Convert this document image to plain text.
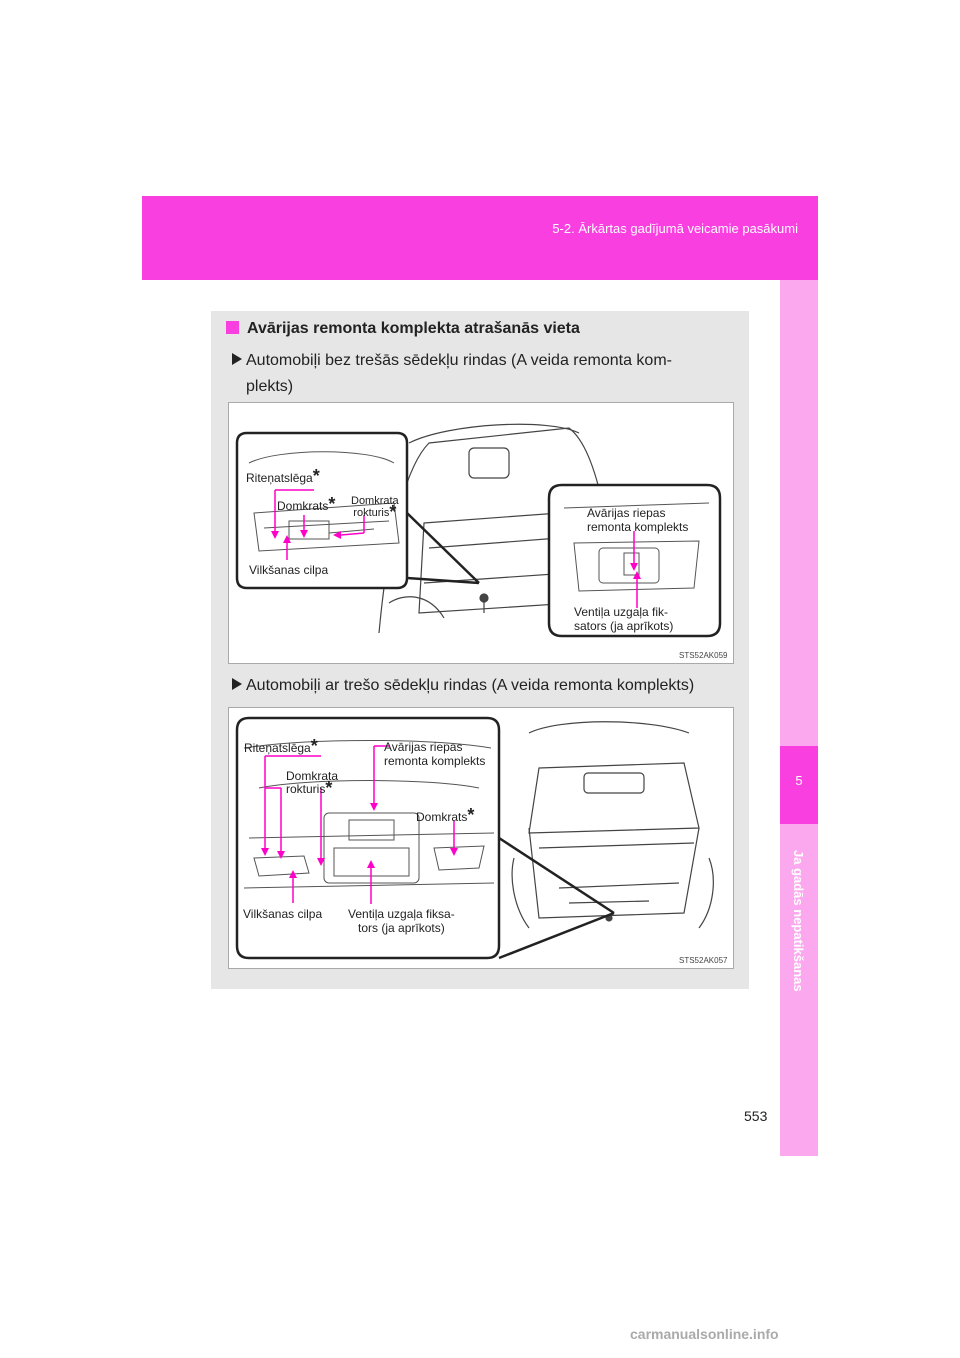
5-2. Ārkārtas gadījumā veicamie pasākumi
5
Ja gadās nepatikšanas
Avārijas remonta komplekta atrašanās vieta
Automobiļi bez trešās sēdekļu rindas (A veida remonta kom-
plekts)
Riteņatslēga*
Domkrats* Domkrata
rokturis*
Vilkšanas cilpa
Avārijas riepas
remonta komplekts
Ventiļa uzgaļa fik-
sators (ja aprīkots)
STS52AK059
Automobiļi ar trešo sēdekļu rindas (A veida remonta komplekts)
Riteņatslēga*	Avārijas riepas
remonta komplekts
Domkrata
rokturis*
Domkrats*
Vilkšanas cilpa Ventiļa uzgaļa fiksa-
tors (ja aprīkots)
STS52AK057
553
carmanualsonline.info
